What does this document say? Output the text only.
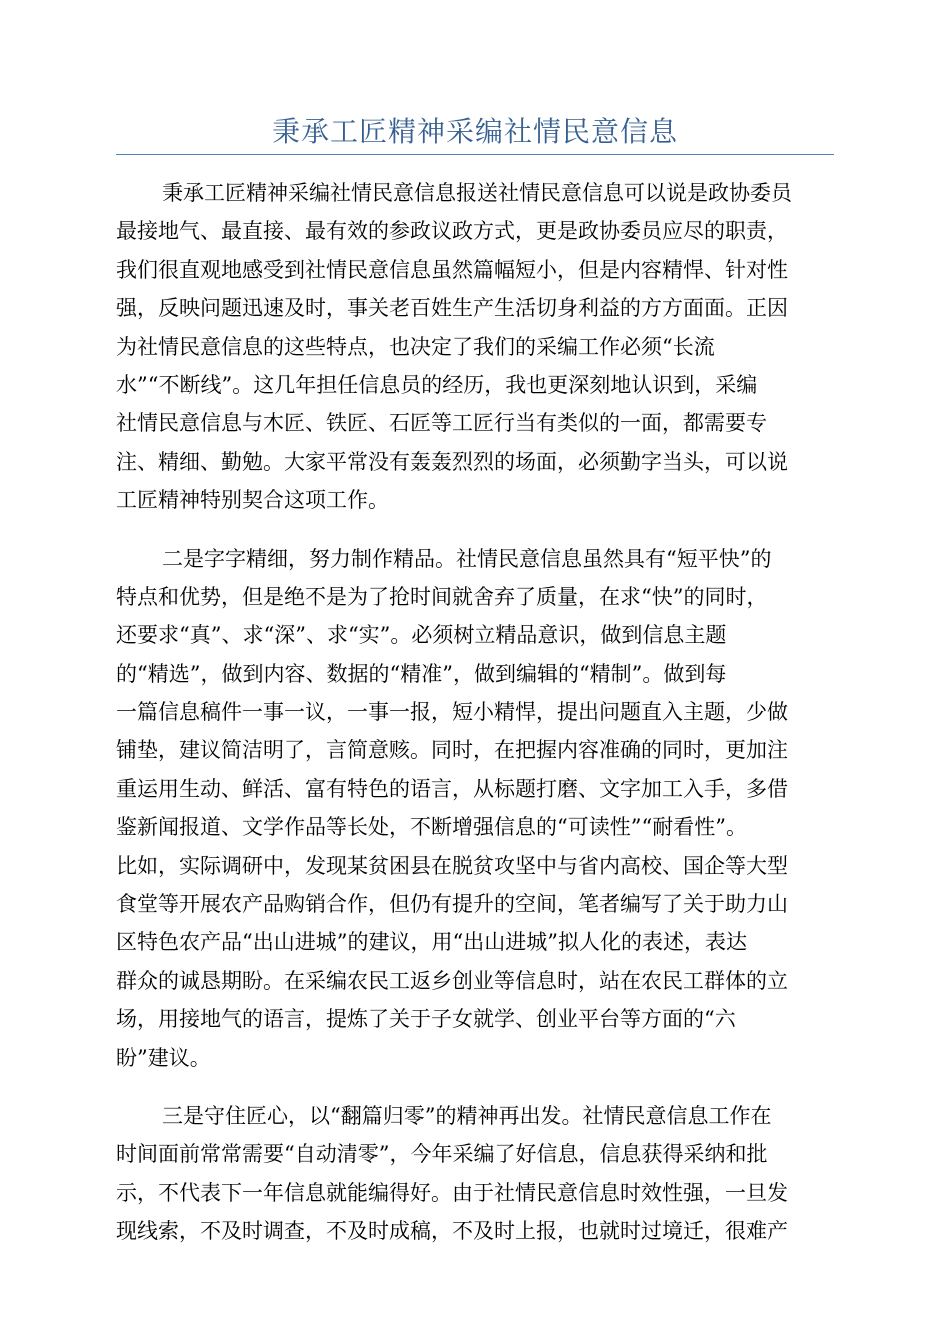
秉承工匠精神采编社情民意信息
秉承工匠精神采编社情民意信息报送社情民意信息可以说是政协委员
最接地气、最直接、最有效的参政议政方式，更是政协委员应尽的职责，
我们很直观地感受到社情民意信息虽然篇幅短小，但是内容精悍、针对性
强，反映问题迅速及时，事关老百姓生产生活切身利益的方方面面。正因
为社情民意信息的这些特点，也决定了我们的采编工作必须“长流
水”“不断线”。这几年担任信息员的经历，我也更深刻地认识到，采编
社情民意信息与木匠、铁匠、石匠等工匠行当有类似的一面，都需要专
注、精细、勤勉。大家平常没有轰轰烈烈的场面，必须勤字当头，可以说
工匠精神特别契合这项工作。
二是字字精细，努力制作精品。社情民意信息虽然具有“短平快”的
特点和优势，但是绝不是为了抢时间就舍弃了质量，在求“快”的同时，
还要求“真”、求“深”、求“实”。必须树立精品意识，做到信息主题
的“精选”，做到内容、数据的“精准”，做到编辑的“精制”。做到每
一篇信息稿件一事一议，一事一报，短小精悍，提出问题直入主题，少做
铺垫，建议简洁明了，言简意赅。同时，在把握内容准确的同时，更加注
重运用生动、鲜活、富有特色的语言，从标题打磨、文字加工入手，多借
鉴新闻报道、文学作品等长处，不断增强信息的“可读性”“耐看性”。
比如，实际调研中，发现某贫困县在脱贫攻坚中与省内高校、国企等大型
食堂等开展农产品购销合作，但仍有提升的空间，笔者编写了关于助力山
区特色农产品“出山进城”的建议，用“出山进城”拟人化的表述，表达
群众的诚恳期盼。在采编农民工返乡创业等信息时，站在农民工群体的立
场，用接地气的语言，提炼了关于子女就学、创业平台等方面的“六
盼”建议。
三是守住匠心，以“翻篇归零”的精神再出发。社情民意信息工作在
时间面前常常需要“自动清零”，今年采编了好信息，信息获得采纳和批
示，不代表下一年信息就能编得好。由于社情民意信息时效性强，一旦发
现线索，不及时调查，不及时成稿，不及时上报，也就时过境迁，很难产
